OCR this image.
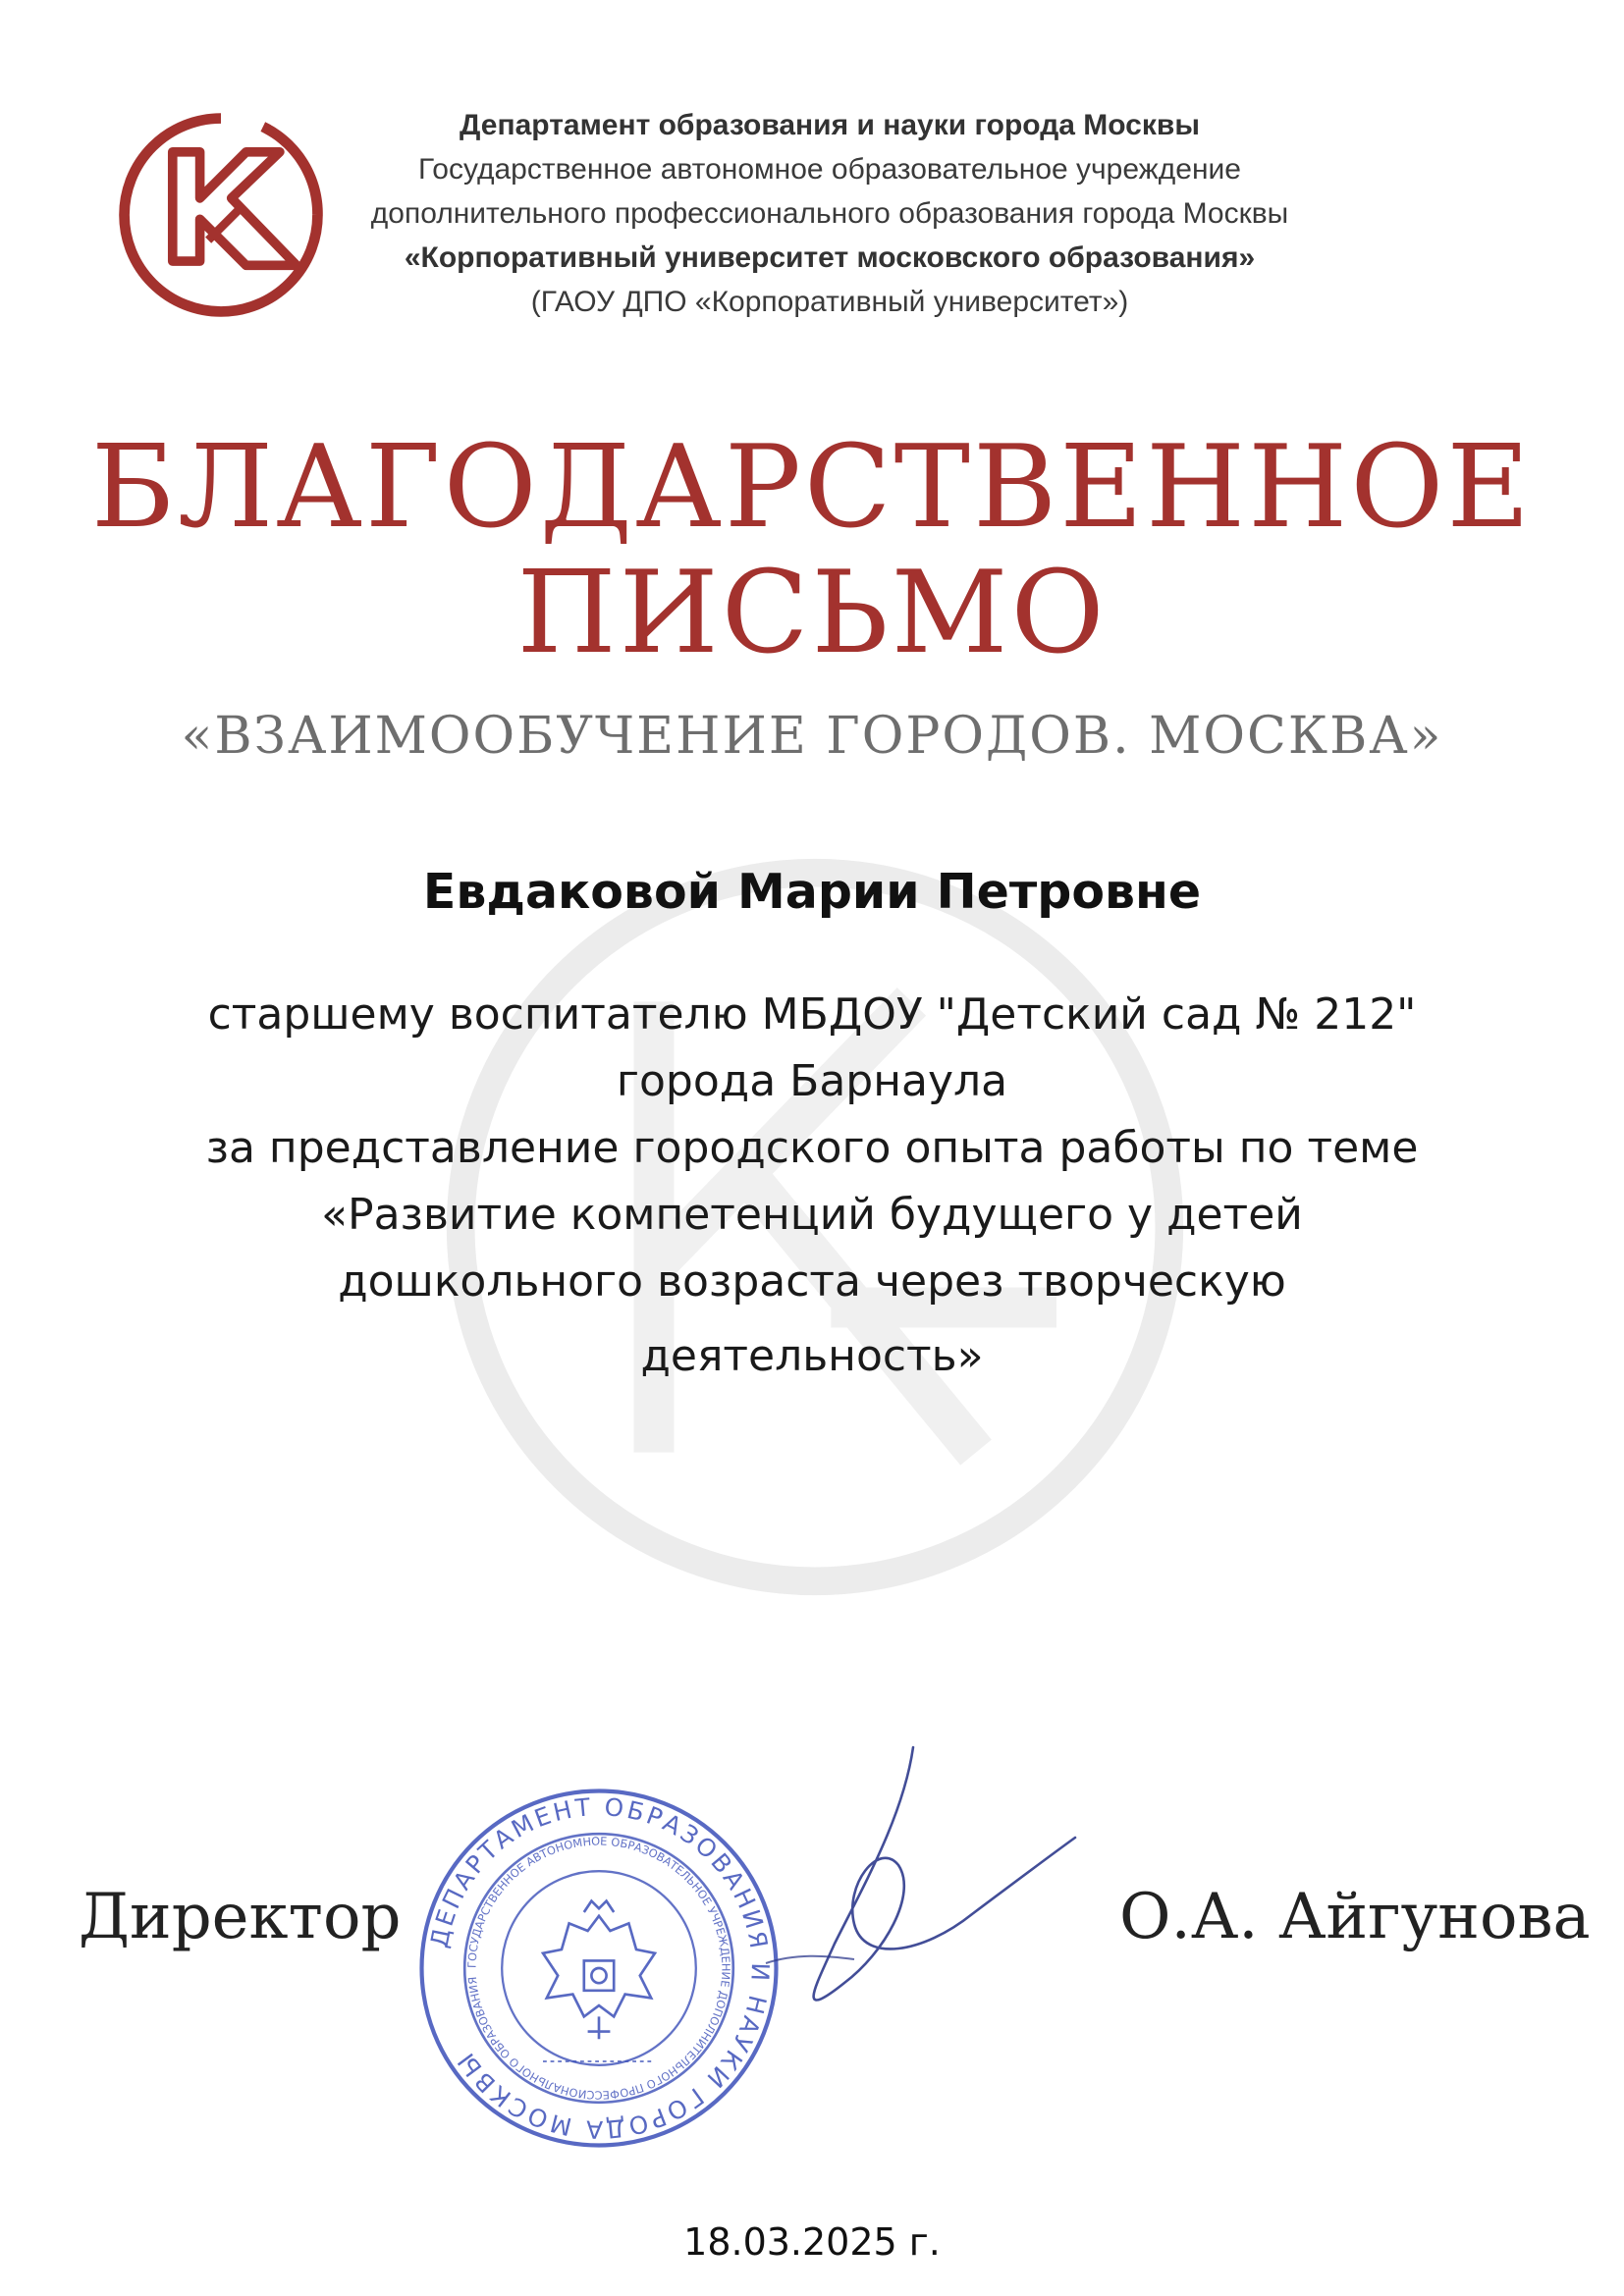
Департамент образования и науки города Москвы
Государственное автономное образовательное учреждение
дополнительного профессионального образования города Москвы
«Корпоративный университет московского образования»
(ГАОУ ДПО «Корпоративный университет»)
БЛАГОДАРСТВЕННОЕ
ПИСЬМО
«ВЗАИМООБУЧЕНИЕ ГОРОДОВ. МОСКВА»
Евдаковой Марии Петровне
старшему воспитателю МБДОУ "Детский сад № 212"
города Барнаула
за представление городского опыта работы по теме
«Развитие компетенций будущего у детей
дошкольного возраста через творческую
деятельность»
Директор	О.А. Айгунова
ДЕПАРТАМЕНТ ОБРАЗОВАНИЯ И НАУКИ ГОРОДА МОСКВЫ
ГОСУДАРСТВЕННОЕ АВТОНОМНОЕ ОБРАЗОВАТЕЛЬНОЕ УЧРЕЖДЕНИЕ ДОПОЛНИТЕЛЬНОГО ПРОФЕССИОНАЛЬНОГО ОБРАЗОВАНИЯ
18.03.2025 г.
